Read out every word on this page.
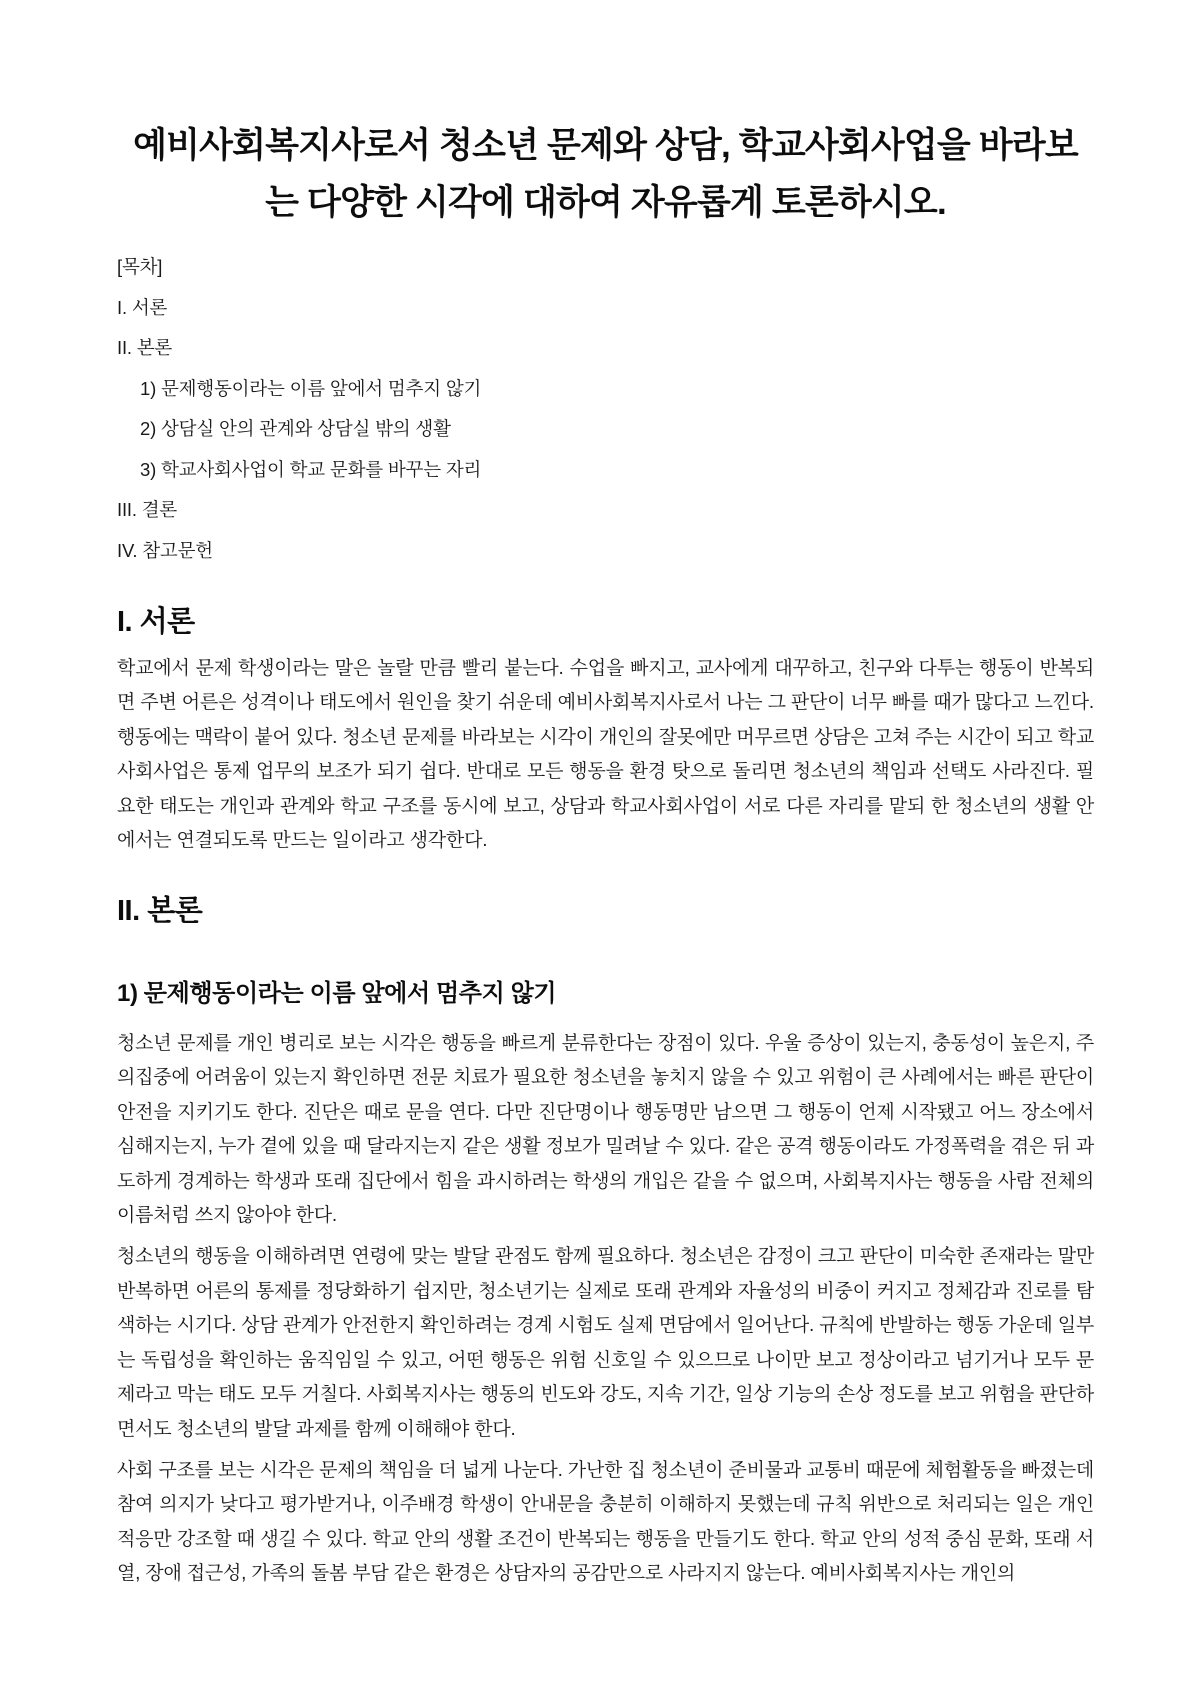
예비사회복지사로서 청소년 문제와 상담, 학교사회사업을 바라보는 다양한 시각에 대하여 자유롭게 토론하시오.
[목차]
I. 서론
II. 본론
1) 문제행동이라는 이름 앞에서 멈추지 않기
2) 상담실 안의 관계와 상담실 밖의 생활
3) 학교사회사업이 학교 문화를 바꾸는 자리
III. 결론
IV. 참고문헌
I. 서론

학교에서 문제 학생이라는 말은 놀랄 만큼 빨리 붙는다. 수업을 빠지고, 교사에게 대꾸하고, 친구와 다투는 행동이 반복되면 주변 어른은 성격이나 태도에서 원인을 찾기 쉬운데 예비사회복지사로서 나는 그 판단이 너무 빠를 때가 많다고 느낀다. 행동에는 맥락이 붙어 있다. 청소년 문제를 바라보는 시각이 개인의 잘못에만 머무르면 상담은 고쳐 주는 시간이 되고 학교사회사업은 통제 업무의 보조가 되기 쉽다. 반대로 모든 행동을 환경 탓으로 돌리면 청소년의 책임과 선택도 사라진다. 필요한 태도는 개인과 관계와 학교 구조를 동시에 보고, 상담과 학교사회사업이 서로 다른 자리를 맡되 한 청소년의 생활 안에서는 연결되도록 만드는 일이라고 생각한다.

II. 본론
1) 문제행동이라는 이름 앞에서 멈추지 않기

청소년 문제를 개인 병리로 보는 시각은 행동을 빠르게 분류한다는 장점이 있다. 우울 증상이 있는지, 충동성이 높은지, 주의집중에 어려움이 있는지 확인하면 전문 치료가 필요한 청소년을 놓치지 않을 수 있고 위험이 큰 사례에서는 빠른 판단이 안전을 지키기도 한다. 진단은 때로 문을 연다. 다만 진단명이나 행동명만 남으면 그 행동이 언제 시작됐고 어느 장소에서 심해지는지, 누가 곁에 있을 때 달라지는지 같은 생활 정보가 밀려날 수 있다. 같은 공격 행동이라도 가정폭력을 겪은 뒤 과도하게 경계하는 학생과 또래 집단에서 힘을 과시하려는 학생의 개입은 같을 수 없으며, 사회복지사는 행동을 사람 전체의 이름처럼 쓰지 않아야 한다.

청소년의 행동을 이해하려면 연령에 맞는 발달 관점도 함께 필요하다. 청소년은 감정이 크고 판단이 미숙한 존재라는 말만 반복하면 어른의 통제를 정당화하기 쉽지만, 청소년기는 실제로 또래 관계와 자율성의 비중이 커지고 정체감과 진로를 탐색하는 시기다. 상담 관계가 안전한지 확인하려는 경계 시험도 실제 면담에서 일어난다. 규칙에 반발하는 행동 가운데 일부는 독립성을 확인하는 움직임일 수 있고, 어떤 행동은 위험 신호일 수 있으므로 나이만 보고 정상이라고 넘기거나 모두 문제라고 막는 태도 모두 거칠다. 사회복지사는 행동의 빈도와 강도, 지속 기간, 일상 기능의 손상 정도를 보고 위험을 판단하면서도 청소년의 발달 과제를 함께 이해해야 한다.

사회 구조를 보는 시각은 문제의 책임을 더 넓게 나눈다. 가난한 집 청소년이 준비물과 교통비 때문에 체험활동을 빠졌는데 참여 의지가 낮다고 평가받거나, 이주배경 학생이 안내문을 충분히 이해하지 못했는데 규칙 위반으로 처리되는 일은 개인 적응만 강조할 때 생길 수 있다. 학교 안의 생활 조건이 반복되는 행동을 만들기도 한다. 학교 안의 성적 중심 문화, 또래 서열, 장애 접근성, 가족의 돌봄 부담 같은 환경은 상담자의 공감만으로 사라지지 않는다. 예비사회복지사는 개인의
